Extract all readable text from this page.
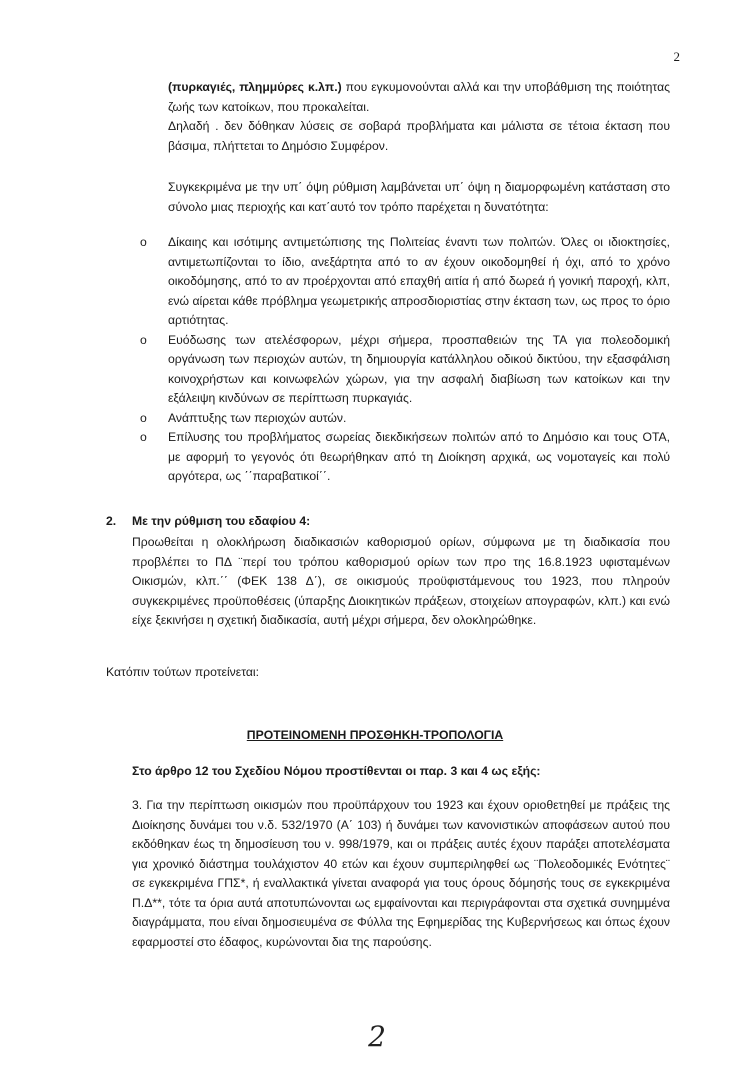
2

(πυρκαγιές, πλημμύρες κ.λπ.) που εγκυμονούνται αλλά και την υποβάθμιση της ποιότητας ζωής των κατοίκων, που προκαλείται.

Δηλαδή . δεν δόθηκαν λύσεις σε σοβαρά προβλήματα και μάλιστα σε τέτοια έκταση που βάσιμα, πλήττεται το Δημόσιο Συμφέρον.

Συγκεκριμένα με την υπ΄ όψη ρύθμιση λαμβάνεται υπ΄ όψη η διαμορφωμένη κατάσταση στο σύνολο μιας περιοχής και κατ΄αυτό τον τρόπο παρέχεται η δυνατότητα:

o Δίκαιης και ισότιμης αντιμετώπισης της Πολιτείας έναντι των πολιτών. Όλες οι ιδιοκτησίες, αντιμετωπίζονται το ίδιο, ανεξάρτητα από το αν έχουν οικοδομηθεί ή όχι, από το χρόνο οικοδόμησης, από το αν προέρχονται από επαχθή αιτία ή από δωρεά ή γονική παροχή, κλπ, ενώ αίρεται κάθε πρόβλημα γεωμετρικής απροσδιοριστίας στην έκταση των, ως προς το όριο αρτιότητας.
o Ευόδωσης των ατελέσφορων, μέχρι σήμερα, προσπαθειών της ΤΑ για πολεοδομική οργάνωση των περιοχών αυτών, τη δημιουργία κατάλληλου οδικού δικτύου, την εξασφάλιση κοινοχρήστων και κοινωφελών χώρων, για την ασφαλή διαβίωση των κατοίκων και την εξάλειψη κινδύνων σε περίπτωση πυρκαγιάς.
o Ανάπτυξης των περιοχών αυτών.
o Επίλυσης του προβλήματος σωρείας διεκδικήσεων πολιτών από το Δημόσιο και τους ΟΤΑ, με αφορμή το γεγονός ότι θεωρήθηκαν από τη Διοίκηση αρχικά, ως νομοταγείς και πολύ αργότερα, ως ΄΄παραβατικοί΄΄.

2. Με την ρύθμιση του εδαφίου 4:

Προωθείται η ολοκλήρωση διαδικασιών καθορισμού ορίων, σύμφωνα με τη διαδικασία που προβλέπει το ΠΔ ¨περί του τρόπου καθορισμού ορίων των προ της 16.8.1923 υφισταμένων Οικισμών, κλπ.΄΄ (ΦΕΚ 138 Δ΄), σε οικισμούς προϋφιστάμενους του 1923, που πληρούν συγκεκριμένες προϋποθέσεις (ύπαρξης Διοικητικών πράξεων, στοιχείων απογραφών, κλπ.) και ενώ είχε ξεκινήσει η σχετική διαδικασία, αυτή μέχρι σήμερα, δεν ολοκληρώθηκε.

Κατόπιν τούτων προτείνεται:

ΠΡΟΤΕΙΝΟΜΕΝΗ ΠΡΟΣΘΗΚΗ-ΤΡΟΠΟΛΟΓΙΑ

Στο άρθρο 12 του Σχεδίου Νόμου προστίθενται οι παρ. 3 και 4 ως εξής:

3. Για την περίπτωση οικισμών που προϋπάρχουν του 1923 και έχουν οριοθετηθεί με πράξεις της Διοίκησης δυνάμει του ν.δ. 532/1970 (Α΄ 103) ή δυνάμει των κανονιστικών αποφάσεων αυτού που εκδόθηκαν έως τη δημοσίευση του ν. 998/1979, και οι πράξεις αυτές έχουν παράξει αποτελέσματα για χρονικό διάστημα τουλάχιστον 40 ετών και έχουν συμπεριληφθεί ως ¨Πολεοδομικές Ενότητες¨ σε εγκεκριμένα ΓΠΣ*, ή εναλλακτικά γίνεται αναφορά για τους όρους δόμησής τους σε εγκεκριμένα Π.Δ**, τότε τα όρια αυτά αποτυπώνονται ως εμφαίνονται και περιγράφονται στα σχετικά συνημμένα διαγράμματα, που είναι δημοσιευμένα σε Φύλλα της Εφημερίδας της Κυβερνήσεως και όπως έχουν εφαρμοστεί στο έδαφος, κυρώνονται δια της παρούσης.

2
